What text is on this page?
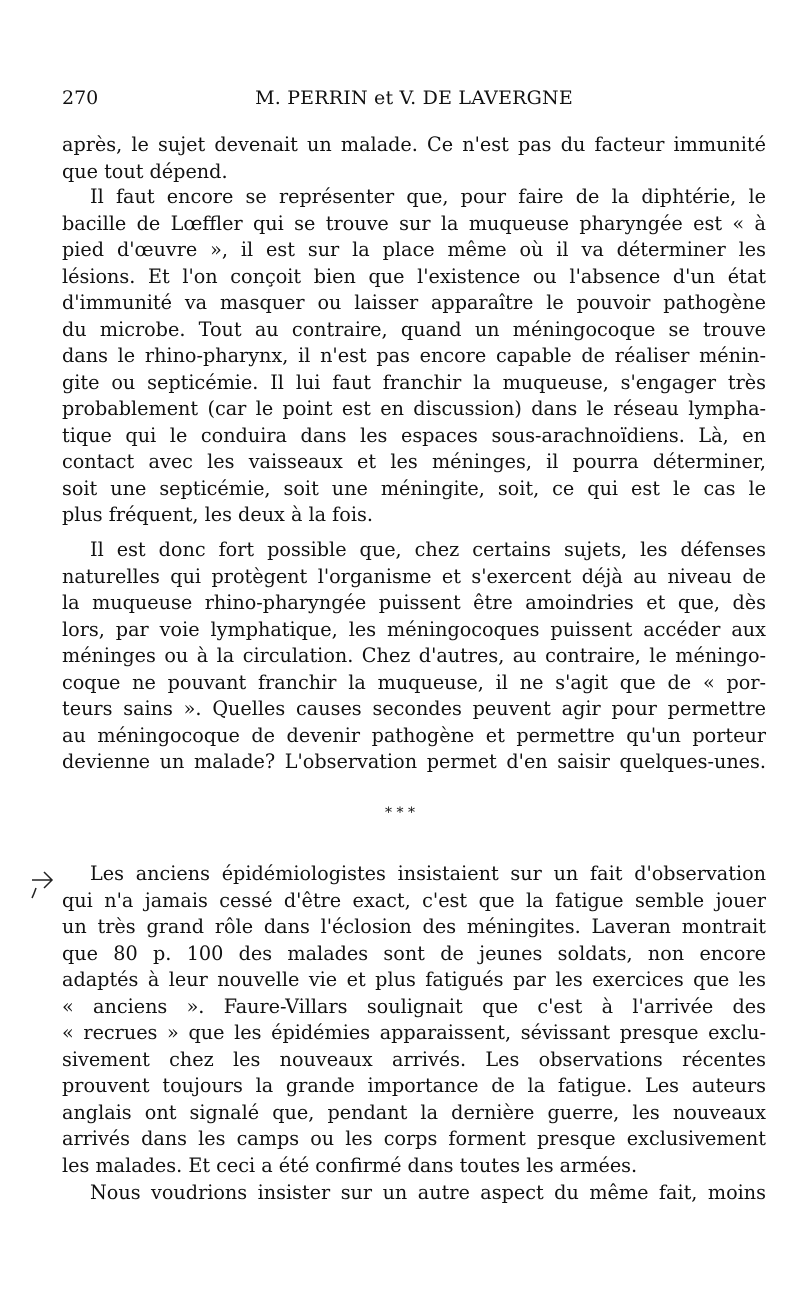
270	M. PERRIN et V. DE LAVERGNE
après, le sujet devenait un malade. Ce n'est pas du facteur immunité
que tout dépend.
Il faut encore se représenter que, pour faire de la diphtérie, le
bacille de Lœffler qui se trouve sur la muqueuse pharyngée est « à
pied d'œuvre », il est sur la place même où il va déterminer les
lésions. Et l'on conçoit bien que l'existence ou l'absence d'un état
d'immunité va masquer ou laisser apparaître le pouvoir pathogène
du microbe. Tout au contraire, quand un méningocoque se trouve
dans le rhino-pharynx, il n'est pas encore capable de réaliser ménin-
gite ou septicémie. Il lui faut franchir la muqueuse, s'engager très
probablement (car le point est en discussion) dans le réseau lympha-
tique qui le conduira dans les espaces sous-arachnoïdiens. Là, en
contact avec les vaisseaux et les méninges, il pourra déterminer,
soit une septicémie, soit une méningite, soit, ce qui est le cas le
plus fréquent, les deux à la fois.
Il est donc fort possible que, chez certains sujets, les défenses
naturelles qui protègent l'organisme et s'exercent déjà au niveau de
la muqueuse rhino-pharyngée puissent être amoindries et que, dès
lors, par voie lymphatique, les méningocoques puissent accéder aux
méninges ou à la circulation. Chez d'autres, au contraire, le méningo-
coque ne pouvant franchir la muqueuse, il ne s'agit que de « por-
teurs sains ». Quelles causes secondes peuvent agir pour permettre
au méningocoque de devenir pathogène et permettre qu'un porteur
devienne un malade? L'observation permet d'en saisir quelques-unes.
* * *
Les anciens épidémiologistes insistaient sur un fait d'observation
qui n'a jamais cessé d'être exact, c'est que la fatigue semble jouer
un très grand rôle dans l'éclosion des méningites. Laveran montrait
que 80 p. 100 des malades sont de jeunes soldats, non encore
adaptés à leur nouvelle vie et plus fatigués par les exercices que les
« anciens ». Faure-Villars soulignait que c'est à l'arrivée des
« recrues » que les épidémies apparaissent, sévissant presque exclu-
sivement chez les nouveaux arrivés. Les observations récentes
prouvent toujours la grande importance de la fatigue. Les auteurs
anglais ont signalé que, pendant la dernière guerre, les nouveaux
arrivés dans les camps ou les corps forment presque exclusivement
les malades. Et ceci a été confirmé dans toutes les armées.
Nous voudrions insister sur un autre aspect du même fait, moins
